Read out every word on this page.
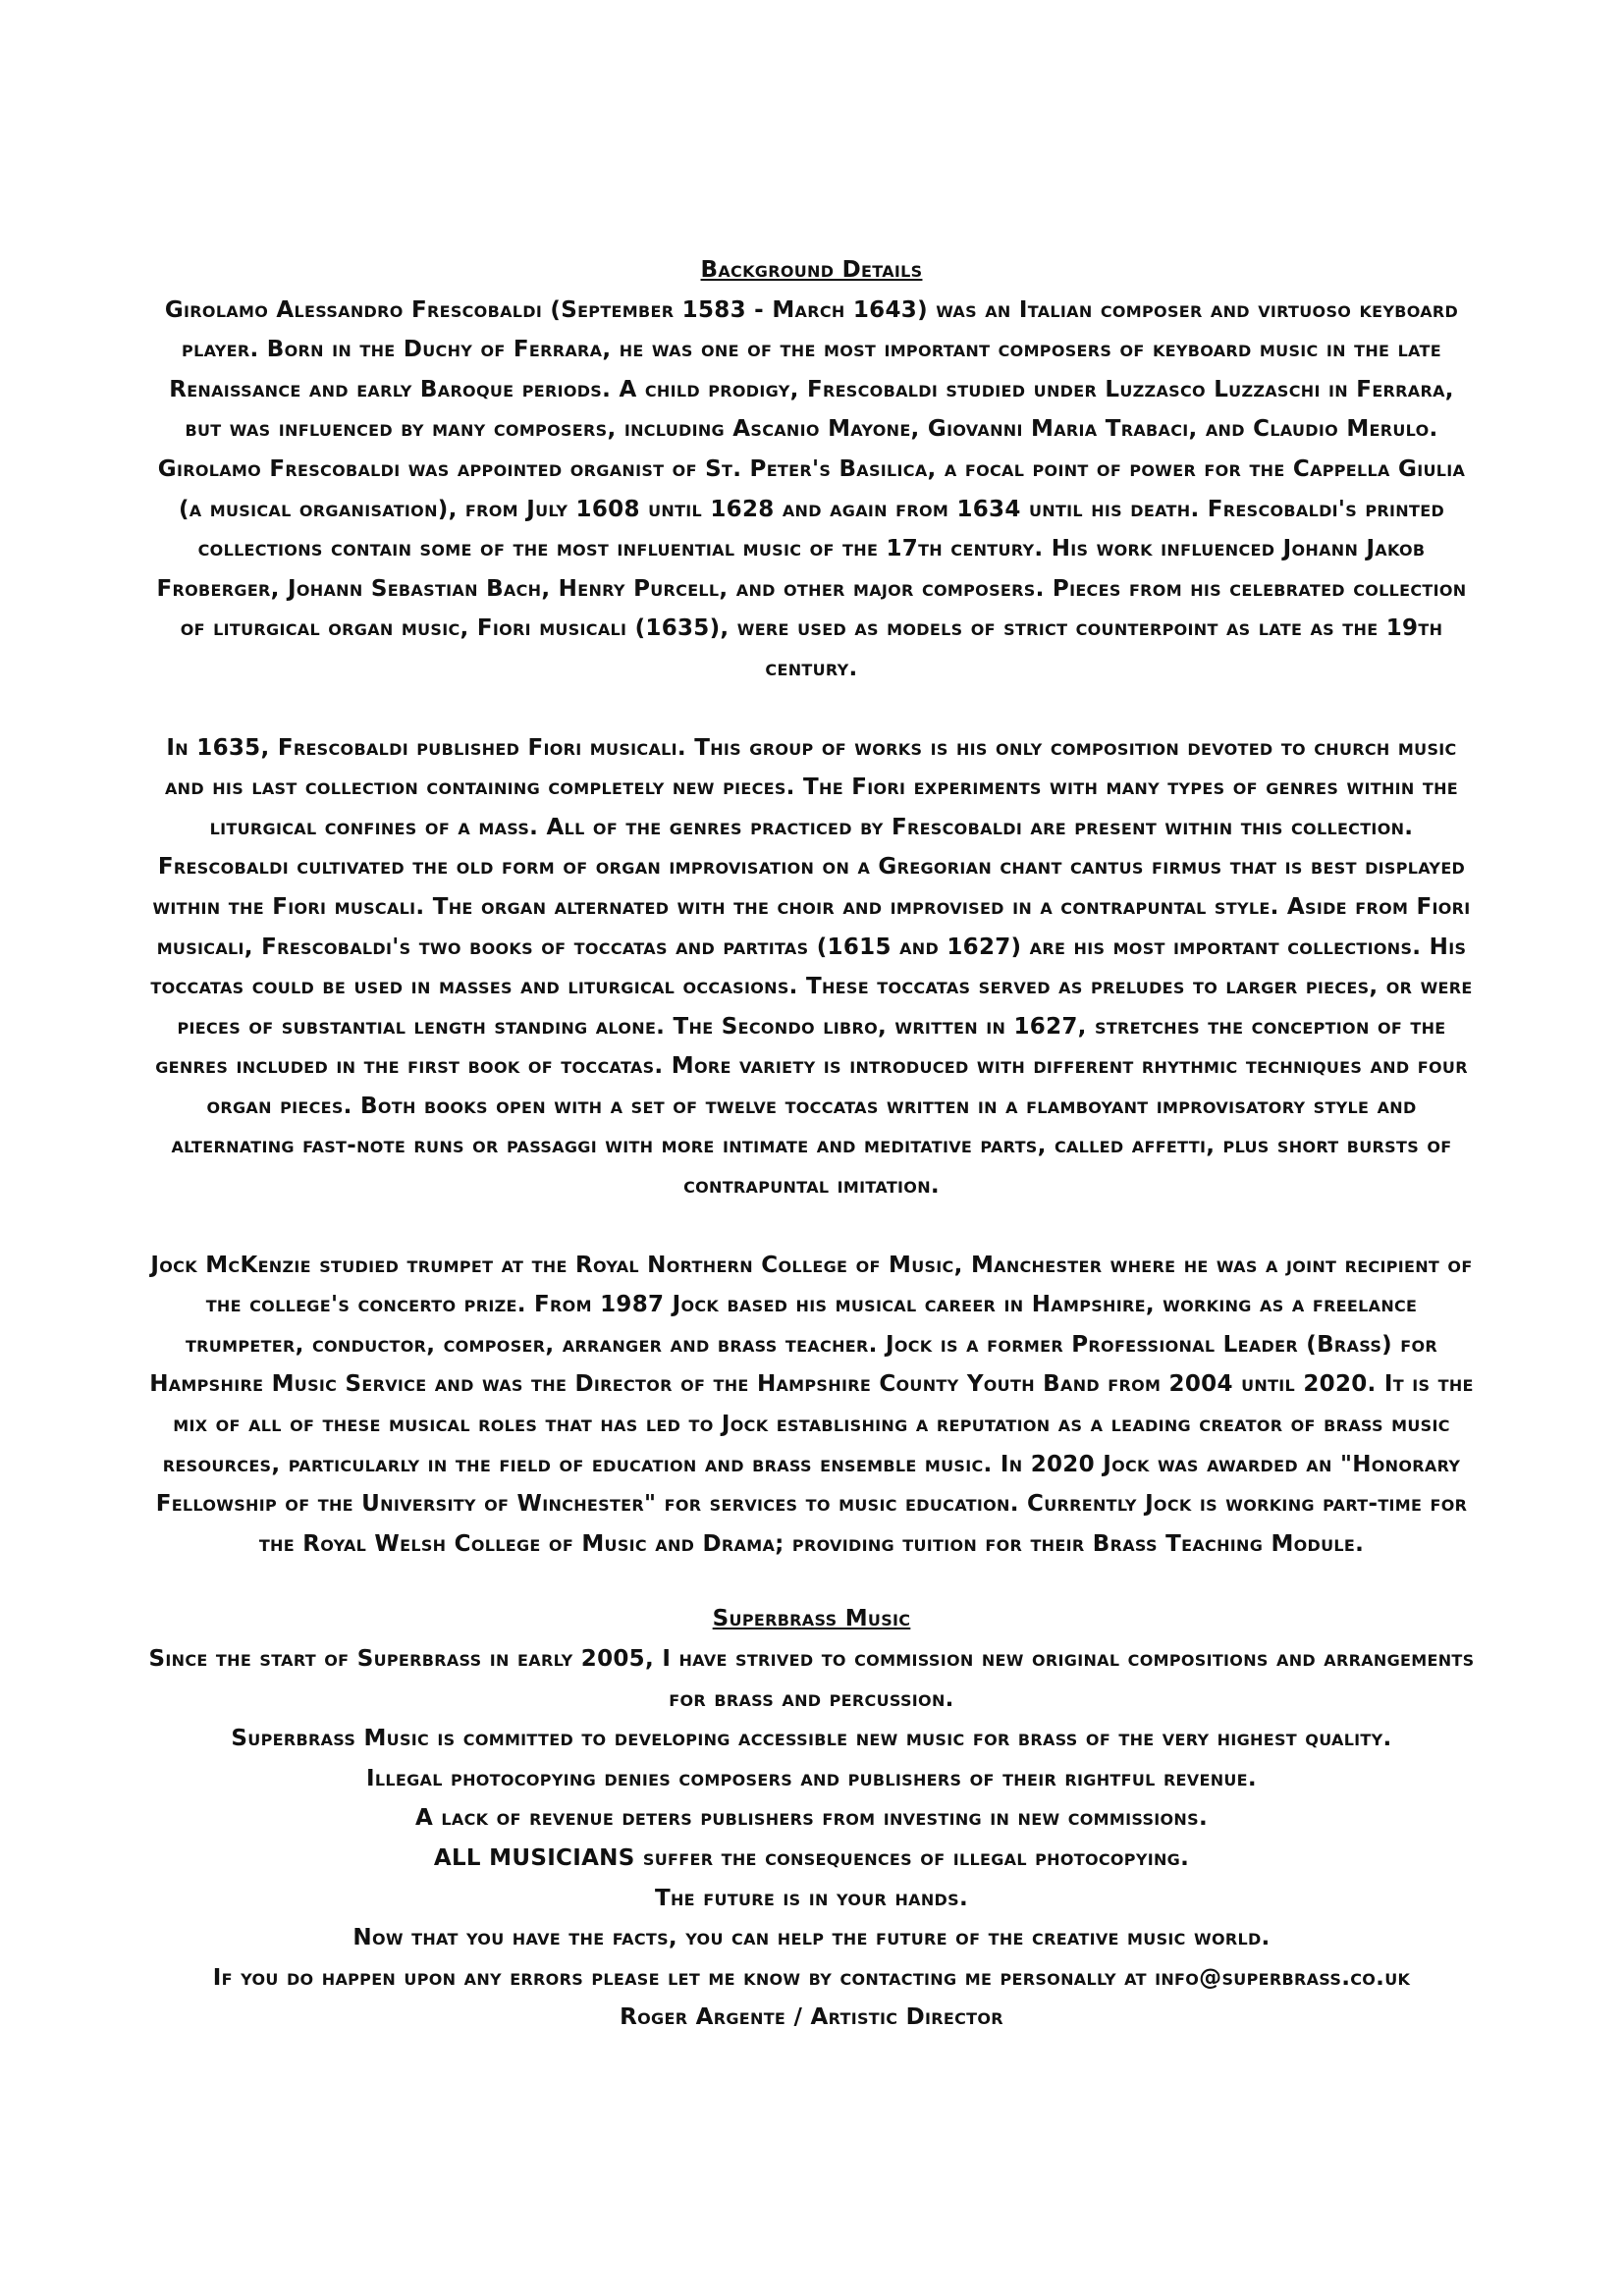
Background Details

Girolamo Alessandro Frescobaldi (September 1583 - March 1643) was an Italian composer and virtuoso keyboard player. Born in the Duchy of Ferrara, he was one of the most important composers of keyboard music in the late Renaissance and early Baroque periods. A child prodigy, Frescobaldi studied under Luzzasco Luzzaschi in Ferrara, but was influenced by many composers, including Ascanio Mayone, Giovanni Maria Trabaci, and Claudio Merulo. Girolamo Frescobaldi was appointed organist of St. Peter's Basilica, a focal point of power for the Cappella Giulia (a musical organisation), from July 1608 until 1628 and again from 1634 until his death. Frescobaldi's printed collections contain some of the most influential music of the 17th century. His work influenced Johann Jakob Froberger, Johann Sebastian Bach, Henry Purcell, and other major composers. Pieces from his celebrated collection of liturgical organ music, Fiori musicali (1635), were used as models of strict counterpoint as late as the 19th century.

In 1635, Frescobaldi published Fiori musicali. This group of works is his only composition devoted to church music and his last collection containing completely new pieces. The Fiori experiments with many types of genres within the liturgical confines of a mass. All of the genres practiced by Frescobaldi are present within this collection. Frescobaldi cultivated the old form of organ improvisation on a Gregorian chant cantus firmus that is best displayed within the Fiori muscali. The organ alternated with the choir and improvised in a contrapuntal style. Aside from Fiori musicali, Frescobaldi's two books of toccatas and partitas (1615 and 1627) are his most important collections. His toccatas could be used in masses and liturgical occasions. These toccatas served as preludes to larger pieces, or were pieces of substantial length standing alone. The Secondo libro, written in 1627, stretches the conception of the genres included in the first book of toccatas. More variety is introduced with different rhythmic techniques and four organ pieces. Both books open with a set of twelve toccatas written in a flamboyant improvisatory style and alternating fast-note runs or passaggi with more intimate and meditative parts, called affetti, plus short bursts of contrapuntal imitation.

Jock McKenzie studied trumpet at the Royal Northern College of Music, Manchester where he was a joint recipient of the college's concerto prize. From 1987 Jock based his musical career in Hampshire, working as a freelance trumpeter, conductor, composer, arranger and brass teacher. Jock is a former Professional Leader (Brass) for Hampshire Music Service and was the Director of the Hampshire County Youth Band from 2004 until 2020. It is the mix of all of these musical roles that has led to Jock establishing a reputation as a leading creator of brass music resources, particularly in the field of education and brass ensemble music. In 2020 Jock was awarded an "Honorary Fellowship of the University of Winchester" for services to music education. Currently Jock is working part-time for the Royal Welsh College of Music and Drama; providing tuition for their Brass Teaching Module.

Superbrass Music

Since the start of Superbrass in early 2005, I have strived to commission new original compositions and arrangements for brass and percussion.

Superbrass Music is committed to developing accessible new music for brass of the very highest quality.

Illegal photocopying denies composers and publishers of their rightful revenue.

A lack of revenue deters publishers from investing in new commissions.

ALL MUSICIANS suffer the consequences of illegal photocopying.

The future is in your hands.

Now that you have the facts, you can help the future of the creative music world.

If you do happen upon any errors please let me know by contacting me personally at info@superbrass.co.uk

Roger Argente / Artistic Director
